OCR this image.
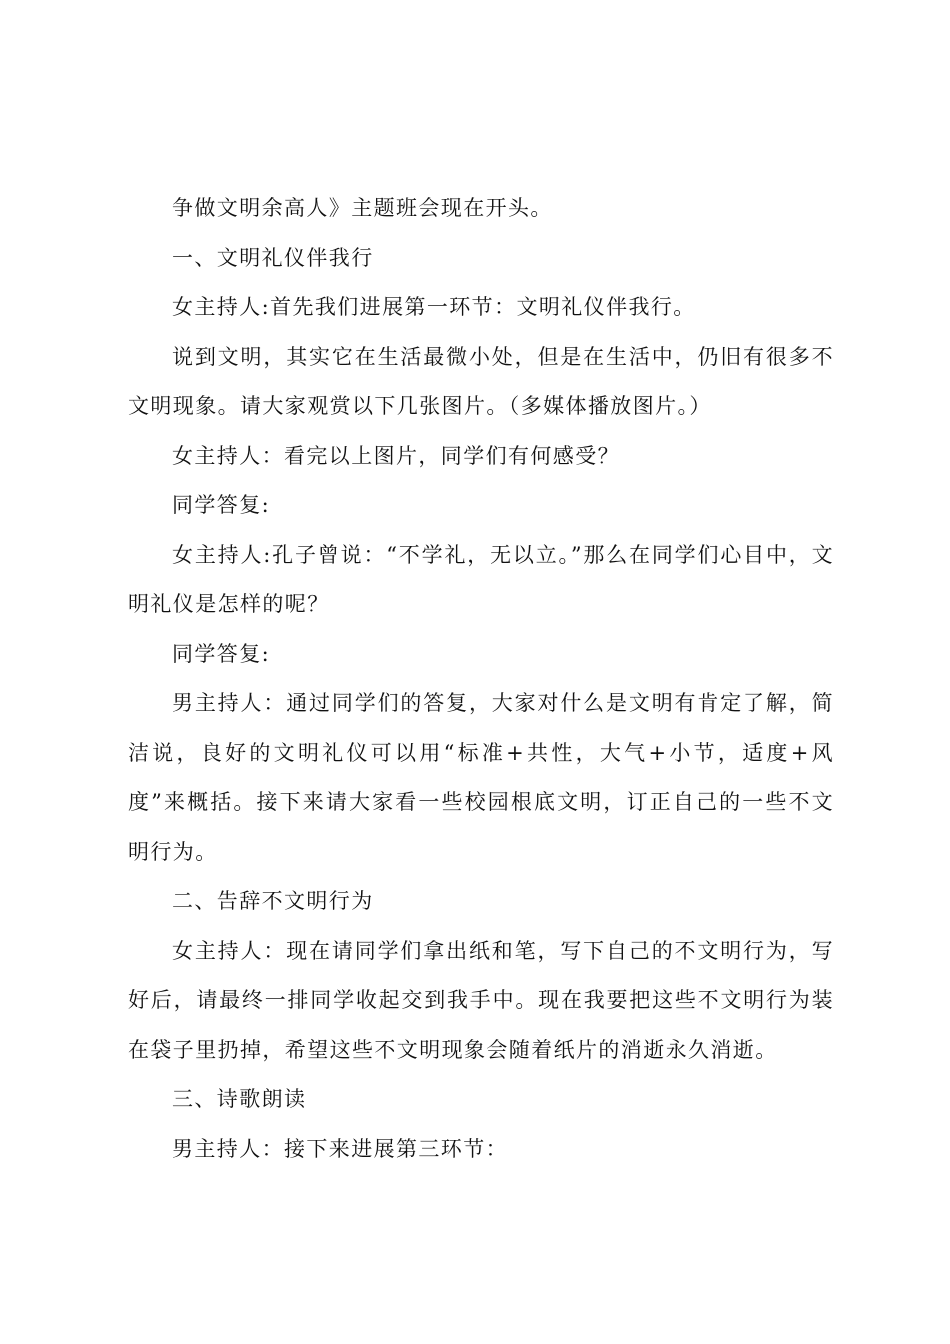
争做文明余高人》主题班会现在开头。

一、文明礼仪伴我行

女主持人:首先我们进展第一环节：文明礼仪伴我行。

说到文明，其实它在生活最微小处，但是在生活中，仍旧有很多不文明现象。请大家观赏以下几张图片。（多媒体播放图片。）

女主持人：看完以上图片，同学们有何感受？

同学答复:

女主持人:孔子曾说：“不学礼，无以立。”那么在同学们心目中，文明礼仪是怎样的呢？

同学答复:

男主持人：通过同学们的答复，大家对什么是文明有肯定了解，简洁说，良好的文明礼仪可以用“标准+共性，大气+小节，适度+风度”来概括。接下来请大家看一些校园根底文明，订正自己的一些不文明行为。

二、告辞不文明行为

女主持人：现在请同学们拿出纸和笔，写下自己的不文明行为，写好后，请最终一排同学收起交到我手中。现在我要把这些不文明行为装在袋子里扔掉，希望这些不文明现象会随着纸片的消逝永久消逝。

三、诗歌朗读

男主持人：接下来进展第三环节：
